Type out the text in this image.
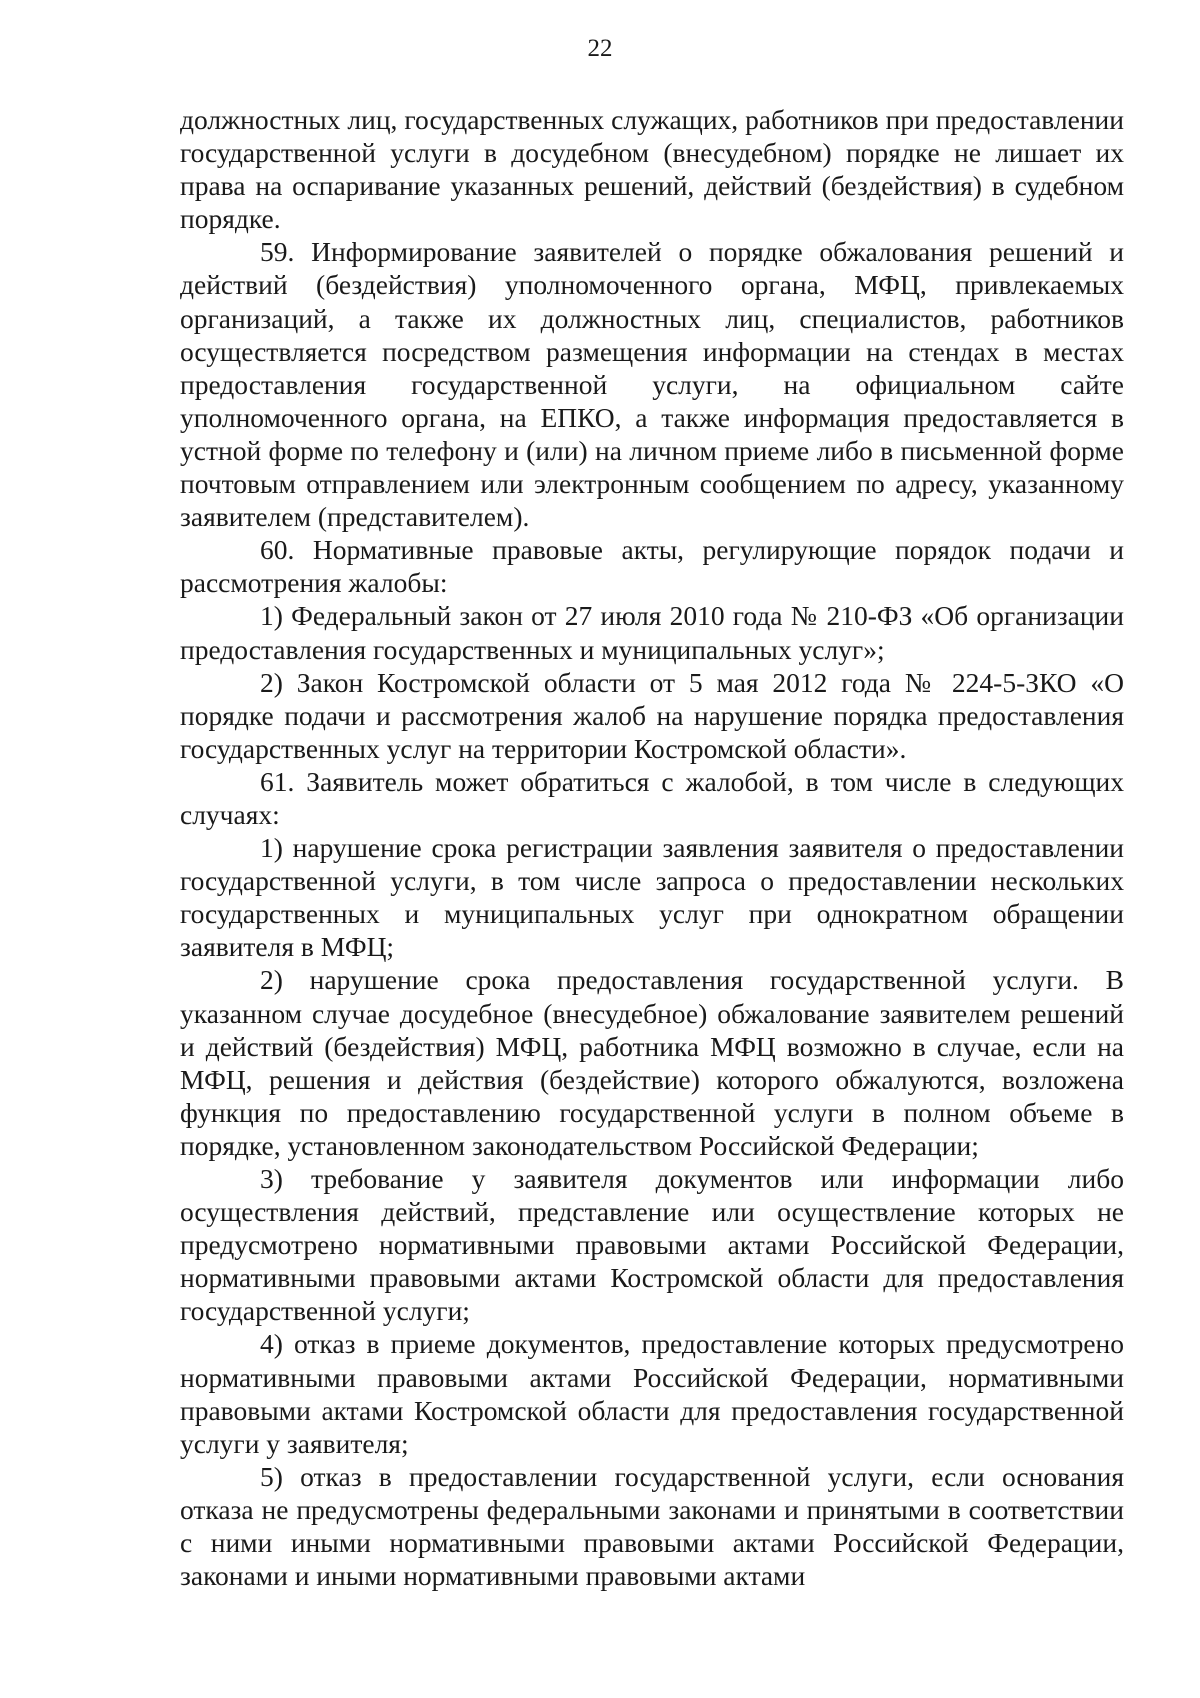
22

должностных лиц, государственных служащих, работников при предоставлении государственной услуги в досудебном (внесудебном) порядке не лишает их права на оспаривание указанных решений, действий (бездействия) в судебном порядке.

59. Информирование заявителей о порядке обжалования решений и действий (бездействия) уполномоченного органа, МФЦ, привлекаемых организаций, а также их должностных лиц, специалистов, работников осуществляется посредством размещения информации на стендах в местах предоставления государственной услуги, на официальном сайте уполномоченного органа, на ЕПКО, а также информация предоставляется в устной форме по телефону и (или) на личном приеме либо в письменной форме почтовым отправлением или электронным сообщением по адресу, указанному заявителем (представителем).

60. Нормативные правовые акты, регулирующие порядок подачи и рассмотрения жалобы:

1) Федеральный закон от 27 июля 2010 года № 210-ФЗ «Об организации предоставления государственных и муниципальных услуг»;

2) Закон Костромской области от 5 мая 2012 года № 224-5-ЗКО «О порядке подачи и рассмотрения жалоб на нарушение порядка предоставления государственных услуг на территории Костромской области».

61. Заявитель может обратиться с жалобой, в том числе в следующих случаях:

1) нарушение срока регистрации заявления заявителя о предоставлении государственной услуги, в том числе запроса о предоставлении нескольких государственных и муниципальных услуг при однократном обращении заявителя в МФЦ;

2) нарушение срока предоставления государственной услуги. В указанном случае досудебное (внесудебное) обжалование заявителем решений и действий (бездействия) МФЦ, работника МФЦ возможно в случае, если на МФЦ, решения и действия (бездействие) которого обжалуются, возложена функция по предоставлению государственной услуги в полном объеме в порядке, установленном законодательством Российской Федерации;

3) требование у заявителя документов или информации либо осуществления действий, представление или осуществление которых не предусмотрено нормативными правовыми актами Российской Федерации, нормативными правовыми актами Костромской области для предоставления государственной услуги;

4) отказ в приеме документов, предоставление которых предусмотрено нормативными правовыми актами Российской Федерации, нормативными правовыми актами Костромской области для предоставления государственной услуги у заявителя;

5) отказ в предоставлении государственной услуги, если основания отказа не предусмотрены федеральными законами и принятыми в соответствии с ними иными нормативными правовыми актами Российской Федерации, законами и иными нормативными правовыми актами
